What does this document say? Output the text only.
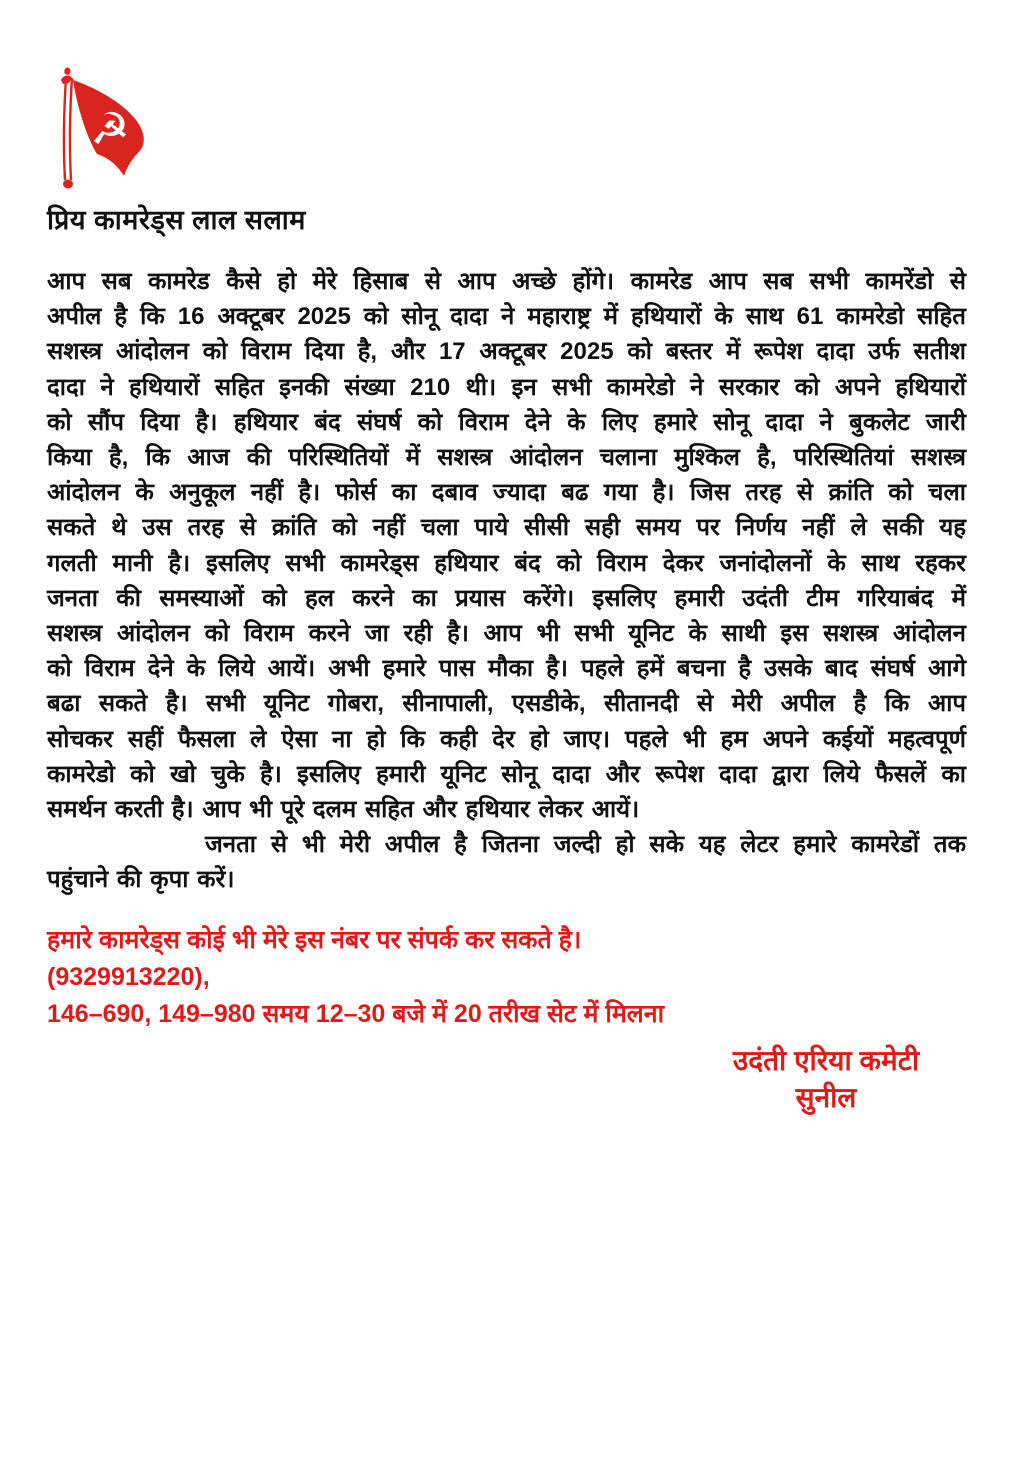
☭
प्रिय कामरेड्स लाल सलाम
आप सब कामरेड कैसे हो मेरे हिसाब से आप अच्छे होंगे। कामरेड आप सब सभी कामरेंडो से
अपील है कि 16 अक्टूबर 2025 को सोनू दादा ने महाराष्ट्र में हथियारों के साथ 61 कामरेडो सहित
सशस्त्र आंदोलन को विराम दिया है, और 17 अक्टूबर 2025 को बस्तर में रूपेश दादा उर्फ सतीश
दादा ने हथियारों सहित इनकी संख्या 210 थी। इन सभी कामरेडो ने सरकार को अपने हथियारों
को सौंप दिया है। हथियार बंद संघर्ष को विराम देने के लिए हमारे सोनू दादा ने बुकलेट जारी
किया है, कि आज की परिस्थितियों में सशस्त्र आंदोलन चलाना मुश्किल है, परिस्थितियां सशस्त्र
आंदोलन के अनुकूल नहीं है। फोर्स का दबाव ज्यादा बढ गया है। जिस तरह से क्रांति को चला
सकते थे उस तरह से क्रांति को नहीं चला पाये सीसी सही समय पर निर्णय नहीं ले सकी यह
गलती मानी है। इसलिए सभी कामरेड्स हथियार बंद को विराम देकर जनांदोलनों के साथ रहकर
जनता की समस्याओं को हल करने का प्रयास करेंगे। इसलिए हमारी उदंती टीम गरियाबंद में
सशस्त्र आंदोलन को विराम करने जा रही है। आप भी सभी यूनिट के साथी इस सशस्त्र आंदोलन
को विराम देने के लिये आयें। अभी हमारे पास मौका है। पहले हमें बचना है उसके बाद संघर्ष आगे
बढा सकते है। सभी यूनिट गोबरा, सीनापाली, एसडीके, सीतानदी से मेरी अपील है कि आप
सोचकर सहीं फैसला ले ऐसा ना हो कि कही देर हो जाए। पहले भी हम अपने कईयों महत्वपूर्ण
कामरेडो को खो चुके है। इसलिए हमारी यूनिट सोनू दादा और रूपेश दादा द्वारा लिये फैसलें का
समर्थन करती है। आप भी पूरे दलम सहित और हथियार लेकर आयें।
जनता से भी मेरी अपील है जितना जल्दी हो सके यह लेटर हमारे कामरेडों तक
पहुंचाने की कृपा करें।
हमारे कामरेड्स कोई भी मेरे इस नंबर पर संपर्क कर सकते है।
(9329913220),
146–690, 149–980 समय 12–30 बजे में 20 तरीख सेट में मिलना
उदंती एरिया कमेटी
सुनील
